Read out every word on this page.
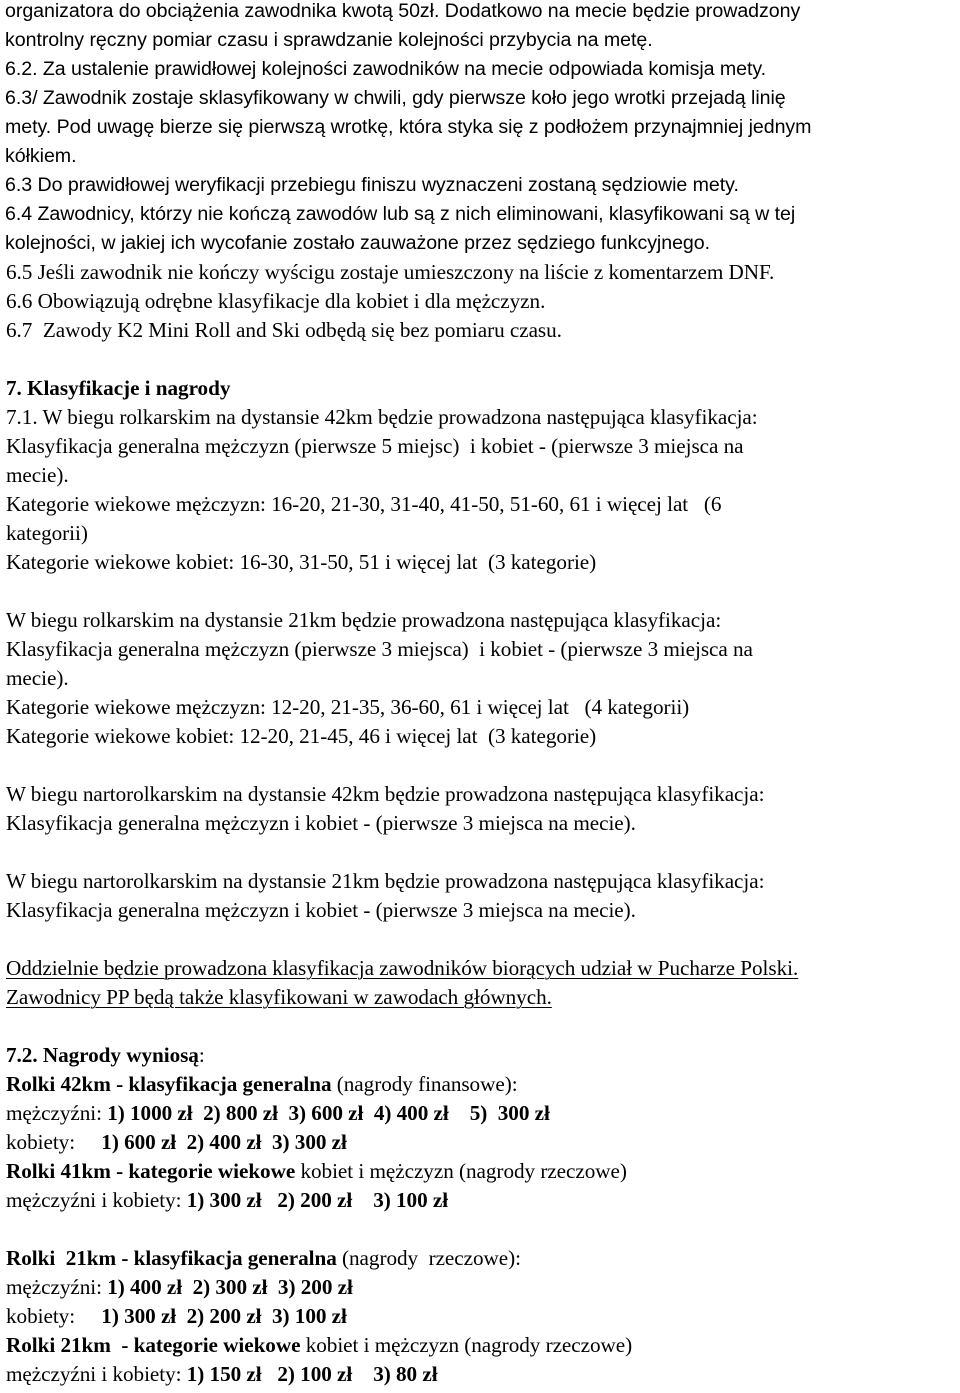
organizatora do obciążenia zawodnika kwotą 50zł. Dodatkowo na mecie będzie prowadzony
kontrolny ręczny pomiar czasu i sprawdzanie kolejności przybycia na metę.
6.2. Za ustalenie prawidłowej kolejności zawodników na mecie odpowiada komisja mety.
6.3/ Zawodnik zostaje sklasyfikowany w chwili, gdy pierwsze koło jego wrotki przejadą linię
mety. Pod uwagę bierze się pierwszą wrotkę, która styka się z podłożem przynajmniej jednym
kółkiem.
6.3 Do prawidłowej weryfikacji przebiegu finiszu wyznaczeni zostaną sędziowie mety.
6.4 Zawodnicy, którzy nie kończą zawodów lub są z nich eliminowani, klasyfikowani są w tej
kolejności, w jakiej ich wycofanie zostało zauważone przez sędziego funkcyjnego.
6.5 Jeśli zawodnik nie kończy wyścigu zostaje umieszczony na liście z komentarzem DNF.
6.6 Obowiązują odrębne klasyfikacje dla kobiet i dla mężczyzn.
6.7  Zawody K2 Mini Roll and Ski odbędą się bez pomiaru czasu.
7. Klasyfikacje i nagrody
7.1. W biegu rolkarskim na dystansie 42km będzie prowadzona następująca klasyfikacja:
Klasyfikacja generalna mężczyzn (pierwsze 5 miejsc)  i kobiet - (pierwsze 3 miejsca na
mecie).
Kategorie wiekowe mężczyzn: 16-20, 21-30, 31-40, 41-50, 51-60, 61 i więcej lat   (6
kategorii)
Kategorie wiekowe kobiet: 16-30, 31-50, 51 i więcej lat  (3 kategorie)
W biegu rolkarskim na dystansie 21km będzie prowadzona następująca klasyfikacja:
Klasyfikacja generalna mężczyzn (pierwsze 3 miejsca)  i kobiet - (pierwsze 3 miejsca na
mecie).
Kategorie wiekowe mężczyzn: 12-20, 21-35, 36-60, 61 i więcej lat   (4 kategorii)
Kategorie wiekowe kobiet: 12-20, 21-45, 46 i więcej lat  (3 kategorie)
W biegu nartorolkarskim na dystansie 42km będzie prowadzona następująca klasyfikacja:
Klasyfikacja generalna mężczyzn i kobiet - (pierwsze 3 miejsca na mecie).
W biegu nartorolkarskim na dystansie 21km będzie prowadzona następująca klasyfikacja:
Klasyfikacja generalna mężczyzn i kobiet - (pierwsze 3 miejsca na mecie).
Oddzielnie będzie prowadzona klasyfikacja zawodników biorących udział w Pucharze Polski.
Zawodnicy PP będą także klasyfikowani w zawodach głównych.
7.2. Nagrody wyniosą:
Rolki 42km - klasyfikacja generalna (nagrody finansowe):
mężczyźni: 1) 1000 zł  2) 800 zł  3) 600 zł  4) 400 zł    5)  300 zł
kobiety:     1) 600 zł  2) 400 zł  3) 300 zł
Rolki 41km - kategorie wiekowe kobiet i mężczyzn (nagrody rzeczowe)
mężczyźni i kobiety: 1) 300 zł   2) 200 zł    3) 100 zł
Rolki  21km - klasyfikacja generalna (nagrody  rzeczowe):
mężczyźni: 1) 400 zł  2) 300 zł  3) 200 zł
kobiety:     1) 300 zł  2) 200 zł  3) 100 zł
Rolki 21km  - kategorie wiekowe kobiet i mężczyzn (nagrody rzeczowe)
mężczyźni i kobiety: 1) 150 zł   2) 100 zł    3) 80 zł
